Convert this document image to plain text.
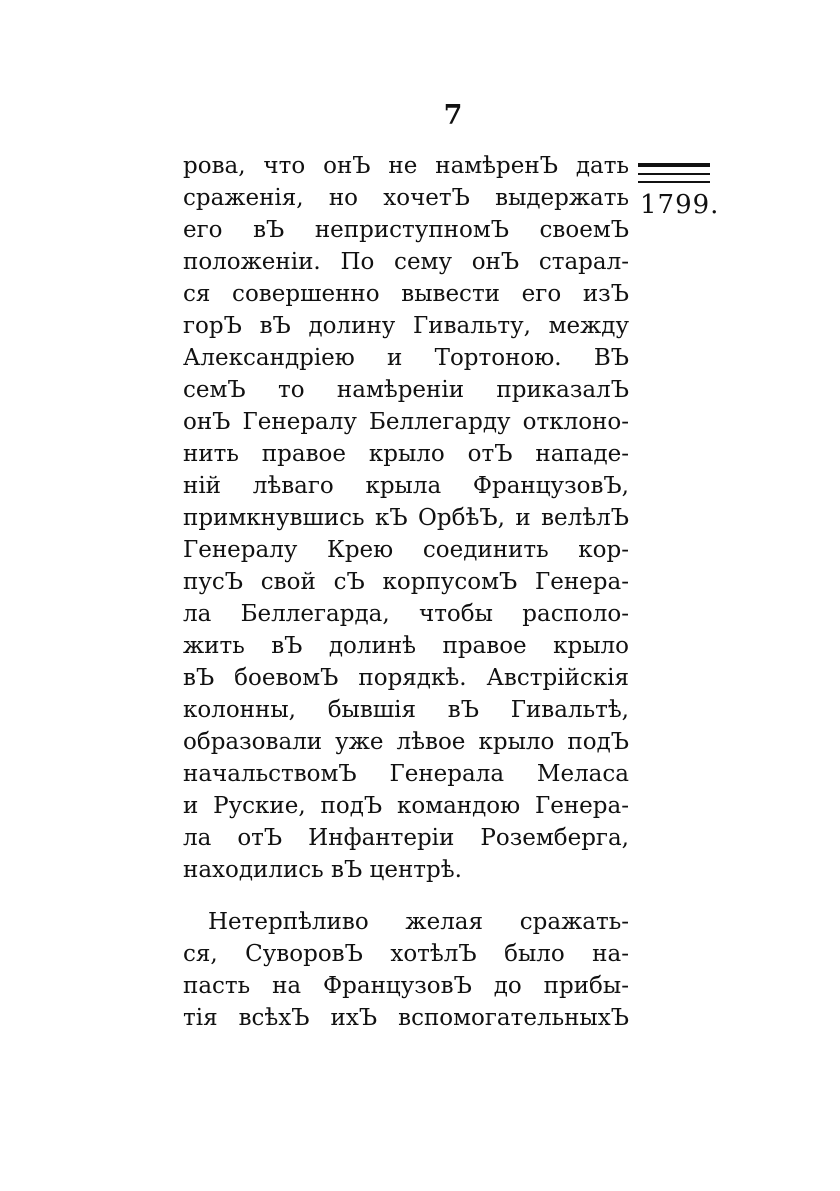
7
1799.
рова, что онЪ не намѣренЪ дать
сраженія, но хочетЪ выдержать
его вЪ неприступномЪ своемЪ
положеніи. По сему онЪ старал-
ся совершенно вывести его изЪ
горЪ вЪ долину Гивальту, между
Александріею и Тортоною. ВЪ
семЪ то намѣреніи приказалЪ
онЪ Генералу Беллегарду отклоно-
нить правое крыло отЪ нападе-
ній лѣваго крыла ФранцузовЪ,
примкнувшись кЪ ОрбѣЪ, и велѣлЪ
Генералу Крею соединить кор-
пусЪ свой сЪ корпусомЪ Генера-
ла Беллегарда, чтобы располо-
жить вЪ долинѣ правое крыло
вЪ боевомЪ порядкѣ. Австрійскія
колонны, бывшія вЪ Гивальтѣ,
образовали уже лѣвое крыло подЪ
начальствомЪ Генерала Меласа
и Руские, подЪ командою Генера-
ла отЪ Инфантеріи Роземберга,
находились вЪ центрѣ.
Нетерпѣливо желая сражать-
ся, СуворовЪ хотѣлЪ было на-
пасть на ФранцузовЪ до прибы-
тія всѣхЪ ихЪ вспомогательныхЪ
